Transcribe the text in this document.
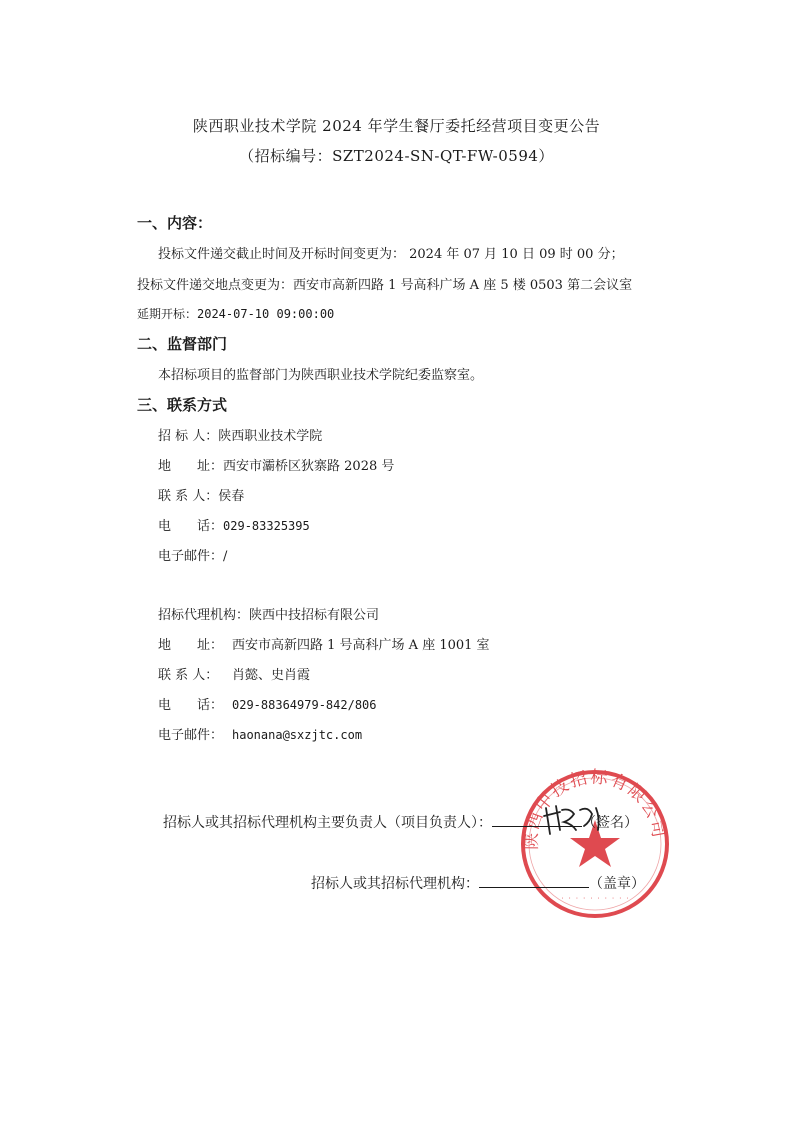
陕西职业技术学院 2024 年学生餐厅委托经营项目变更公告
（招标编号：SZT2024-SN-QT-FW-0594）
一、内容：
投标文件递交截止时间及开标时间变更为： 2024 年 07 月 10 日 09 时 00 分；
投标文件递交地点变更为：西安市高新四路 1 号高科广场 A 座 5 楼 0503 第二会议室
延期开标：2024-07-10 09:00:00
二、监督部门
本招标项目的监督部门为陕西职业技术学院纪委监察室。
三、联系方式
招 标 人：陕西职业技术学院
地　　址：西安市灞桥区狄寨路 2028 号
联 系 人：侯春
电　　话：029-83325395
电子邮件：/
招标代理机构：陕西中技招标有限公司
地　　址： 西安市高新四路 1 号高科广场 A 座 1001 室
联 系 人： 肖懿、史肖霞
电　　话： 029-88364979-842/806
电子邮件： haonana@sxzjtc.com
陕西中技招标有限公司
· · · · · · · · · ·
招标人或其招标代理机构主要负责人（项目负责人）：	（签名）
招标人或其招标代理机构：	（盖章）
